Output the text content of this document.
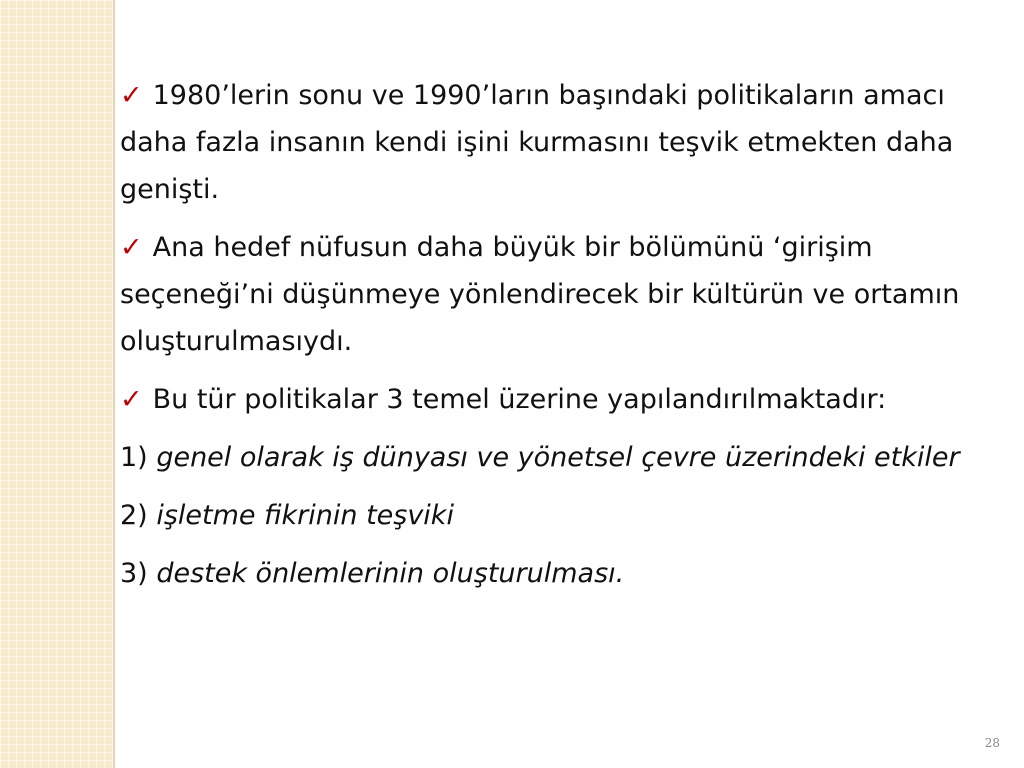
✓ 1980’lerin sonu ve 1990’ların başındaki politikaların amacı daha fazla insanın kendi işini kurmasını teşvik etmekten daha genişti.

✓ Ana hedef nüfusun daha büyük bir bölümünü ‘girişim seçeneği’ni düşünmeye yönlendirecek bir kültürün ve ortamın oluşturulmasıydı.

✓ Bu tür politikalar 3 temel üzerine yapılandırılmaktadır:

1) genel olarak iş dünyası ve yönetsel çevre üzerindeki etkiler

2) işletme fikrinin teşviki

3) destek önlemlerinin oluşturulması.

28
